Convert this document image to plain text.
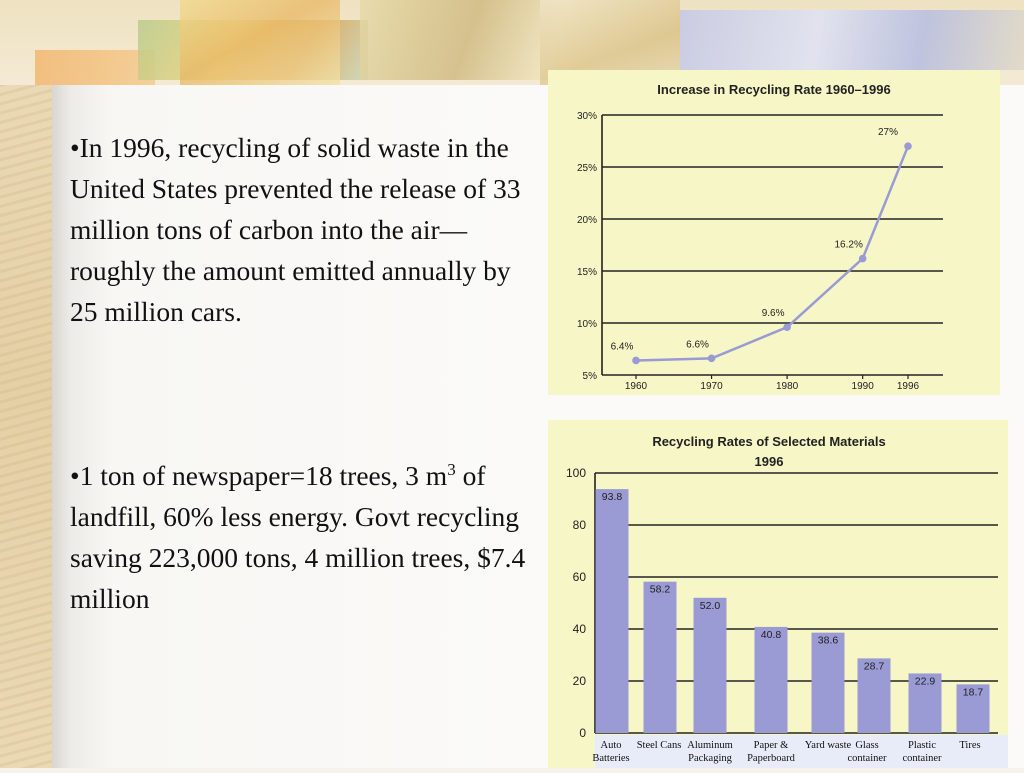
•In 1996, recycling of solid waste in the United States prevented the release of 33 million tons of carbon into the air—roughly the amount emitted annually by 25 million cars.
•1 ton of newspaper=18 trees, 3 $m^3$ of landfill, 60% less energy. Govt recycling saving 223,000 tons, 4 million trees, $7.4 million
Increase in Recycling Rate 1960–1996
5%
10%
15%
20%
25%
30%
1960	1970	1980	1990 1996
6.4%	6.6%
9.6%
16.2%
27%
Recycling Rates of Selected Materials
1996
0
20
40
60
80
100
93.8
58.2
52.0
40.8	38.6
28.7
22.9
18.7
Auto Batteries
Steel Cans Aluminum Packaging
Paper & Paperboard
Yard waste Glass container
Plastic container
Tires
